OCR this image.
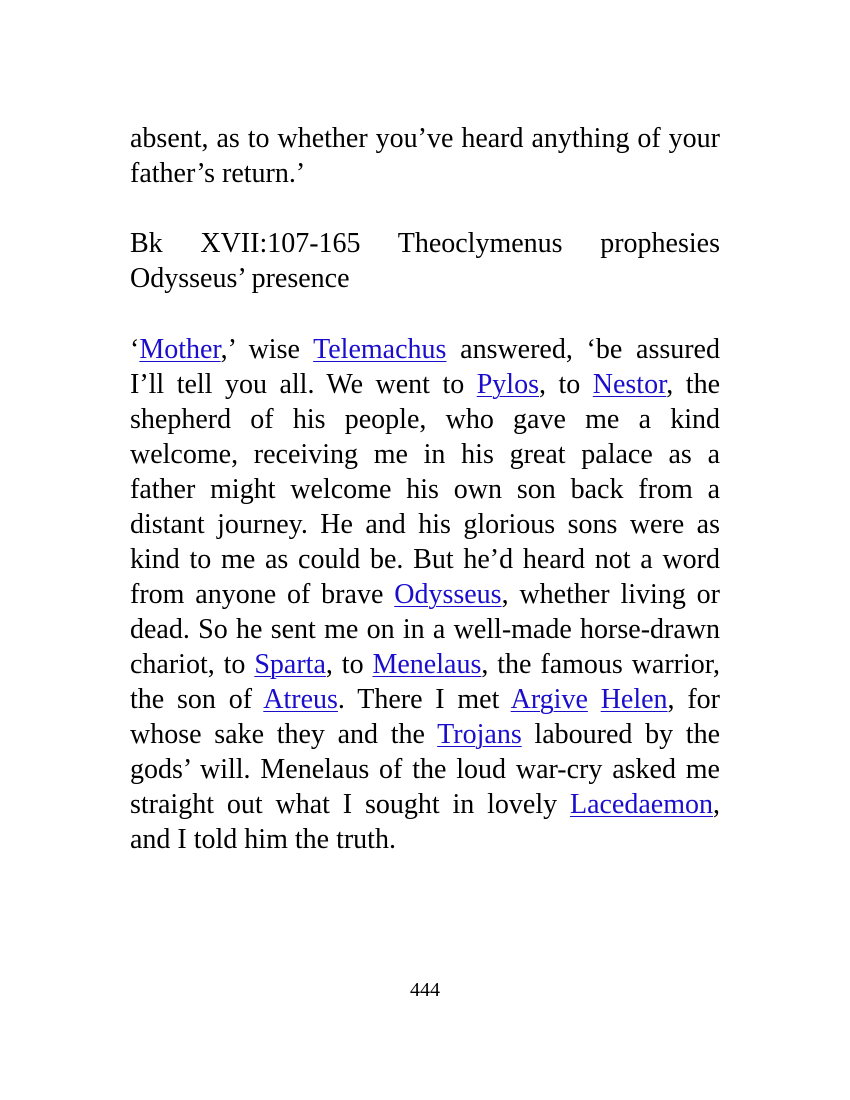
absent, as to whether you’ve heard anything of your father’s return.’

Bk XVII:107-165 Theoclymenus prophesies Odysseus’ presence

‘Mother,’ wise Telemachus answered, ‘be assured I’ll tell you all. We went to Pylos, to Nestor, the shepherd of his people, who gave me a kind welcome, receiving me in his great palace as a father might welcome his own son back from a distant journey. He and his glorious sons were as kind to me as could be. But he’d heard not a word from anyone of brave Odysseus, whether living or dead. So he sent me on in a well-made horse-drawn chariot, to Sparta, to Menelaus, the famous warrior, the son of Atreus. There I met Argive Helen, for whose sake they and the Trojans laboured by the gods’ will. Menelaus of the loud war-cry asked me straight out what I sought in lovely Lacedaemon, and I told him the truth.

444
